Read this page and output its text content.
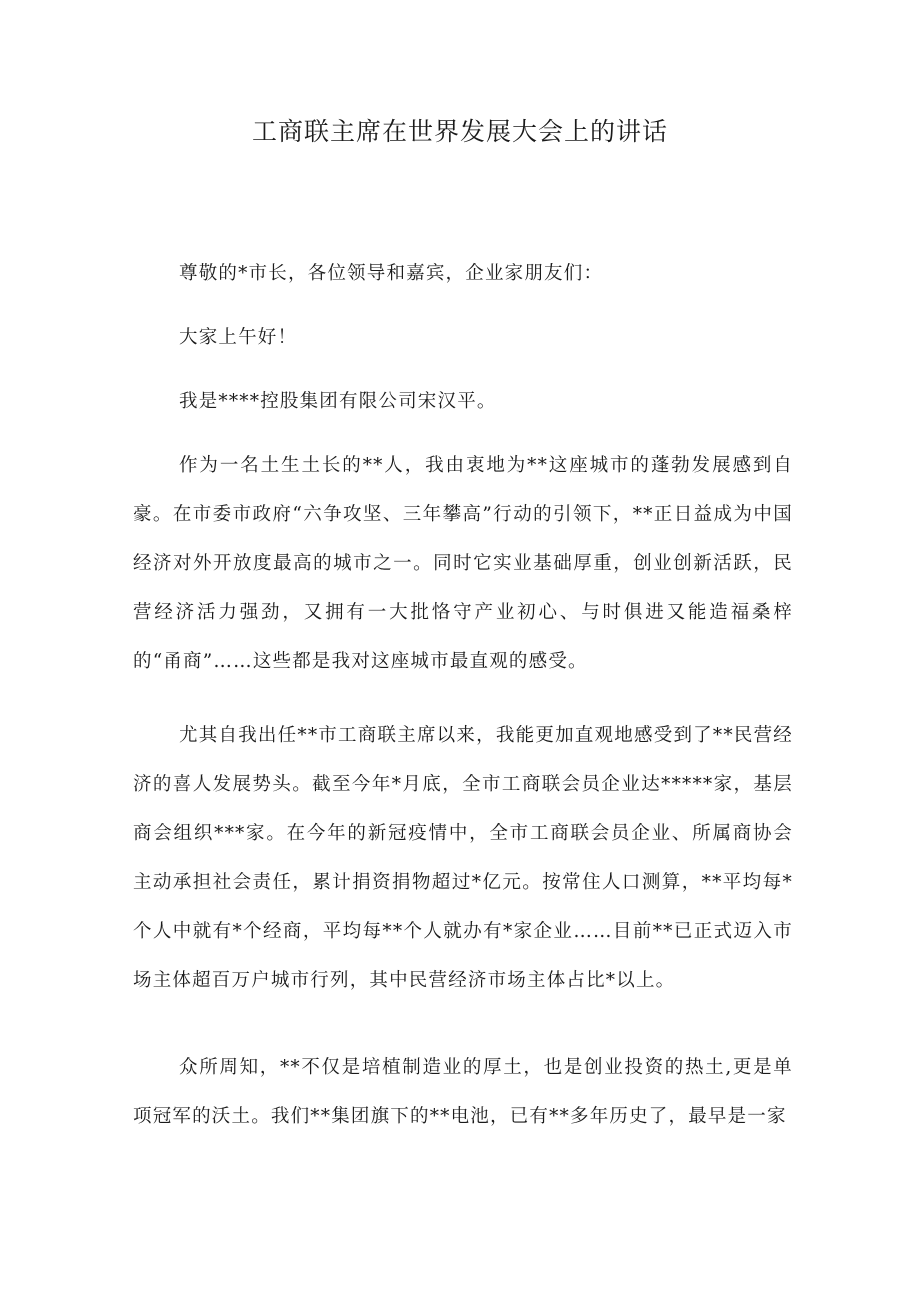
工商联主席在世界发展大会上的讲话

尊敬的*市长，各位领导和嘉宾，企业家朋友们：

大家上午好！

我是****控股集团有限公司宋汉平。

作为一名土生土长的**人，我由衷地为**这座城市的蓬勃发展感到自豪。在市委市政府“六争攻坚、三年攀高”行动的引领下，**正日益成为中国经济对外开放度最高的城市之一。同时它实业基础厚重，创业创新活跃，民营经济活力强劲，又拥有一大批恪守产业初心、与时俱进又能造福桑梓的“甬商”……这些都是我对这座城市最直观的感受。

尤其自我出任**市工商联主席以来，我能更加直观地感受到了**民营经济的喜人发展势头。截至今年*月底，全市工商联会员企业达*****家，基层商会组织***家。在今年的新冠疫情中，全市工商联会员企业、所属商协会主动承担社会责任，累计捐资捐物超过*亿元。按常住人口测算，**平均每*个人中就有*个经商，平均每**个人就办有*家企业……目前**已正式迈入市场主体超百万户城市行列，其中民营经济市场主体占比*以上。

众所周知，**不仅是培植制造业的厚土，也是创业投资的热土,更是单项冠军的沃土。我们**集团旗下的**电池，已有**多年历史了，最早是一家
